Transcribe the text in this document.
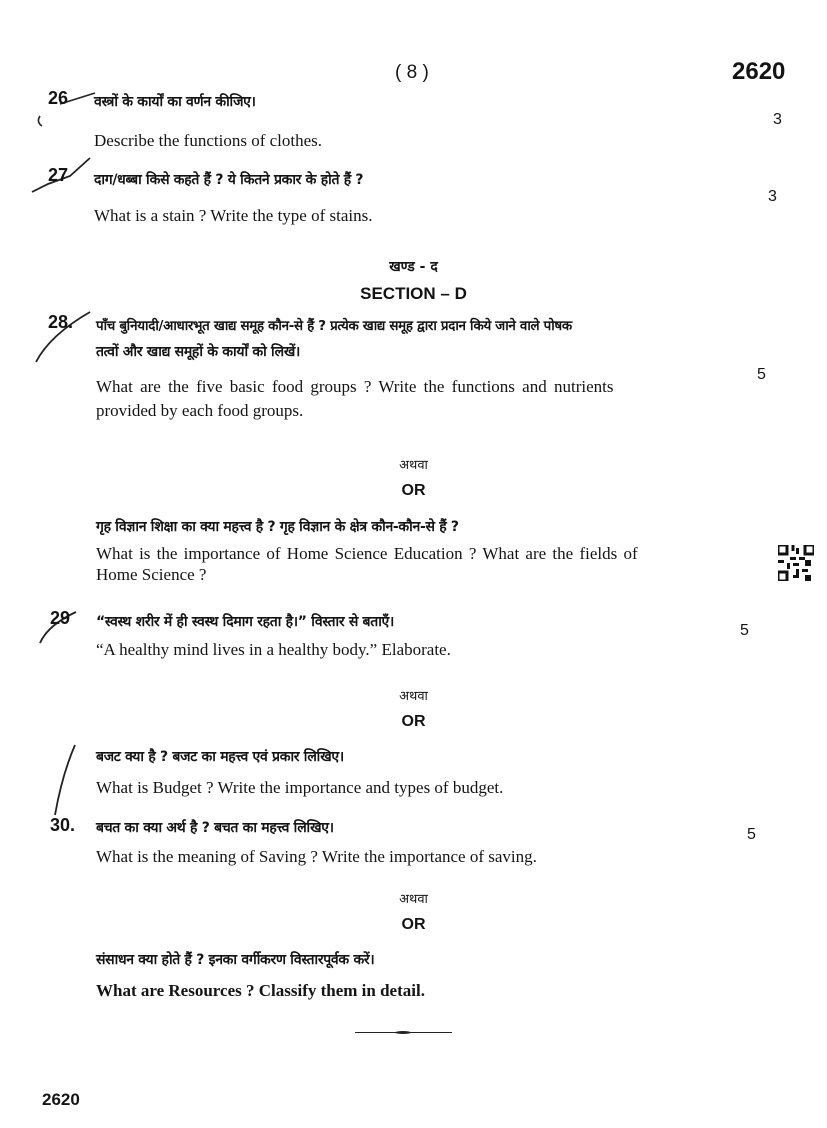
( 8 )	2620
26 वस्त्रों के कार्यों का वर्णन कीजिए।
Describe the functions of clothes.
3
27 दाग/धब्बा किसे कहते हैं ? ये कितने प्रकार के होते हैं ?
What is a stain ? Write the type of stains.
3
खण्ड - द
SECTION – D
28. पाँच बुनियादी/आधारभूत खाद्य समूह कौन-से हैं ? प्रत्येक खाद्य समूह द्वारा प्रदान किये जाने वाले पोषक
तत्वों और खाद्य समूहों के कार्यों को लिखें।
What are the five basic food groups ? Write the functions and nutrients
provided by each food groups.
5
अथवा
OR
गृह विज्ञान शिक्षा का क्या महत्त्व है ? गृह विज्ञान के क्षेत्र कौन-कौन-से हैं ?
What is the importance of Home Science Education ? What are the fields of
Home Science ?
29 “स्वस्थ शरीर में ही स्वस्थ दिमाग रहता है।” विस्तार से बताएँ।
“A healthy mind lives in a healthy body.” Elaborate.
5
अथवा
OR
बजट क्या है ? बजट का महत्त्व एवं प्रकार लिखिए।
What is Budget ? Write the importance and types of budget.
30. बचत का क्या अर्थ है ? बचत का महत्त्व लिखिए।
What is the meaning of Saving ? Write the importance of saving.
5
अथवा
OR
संसाधन क्या होते हैं ? इनका वर्गीकरण विस्तारपूर्वक करें।
What are Resources ? Classify them in detail.
2620
